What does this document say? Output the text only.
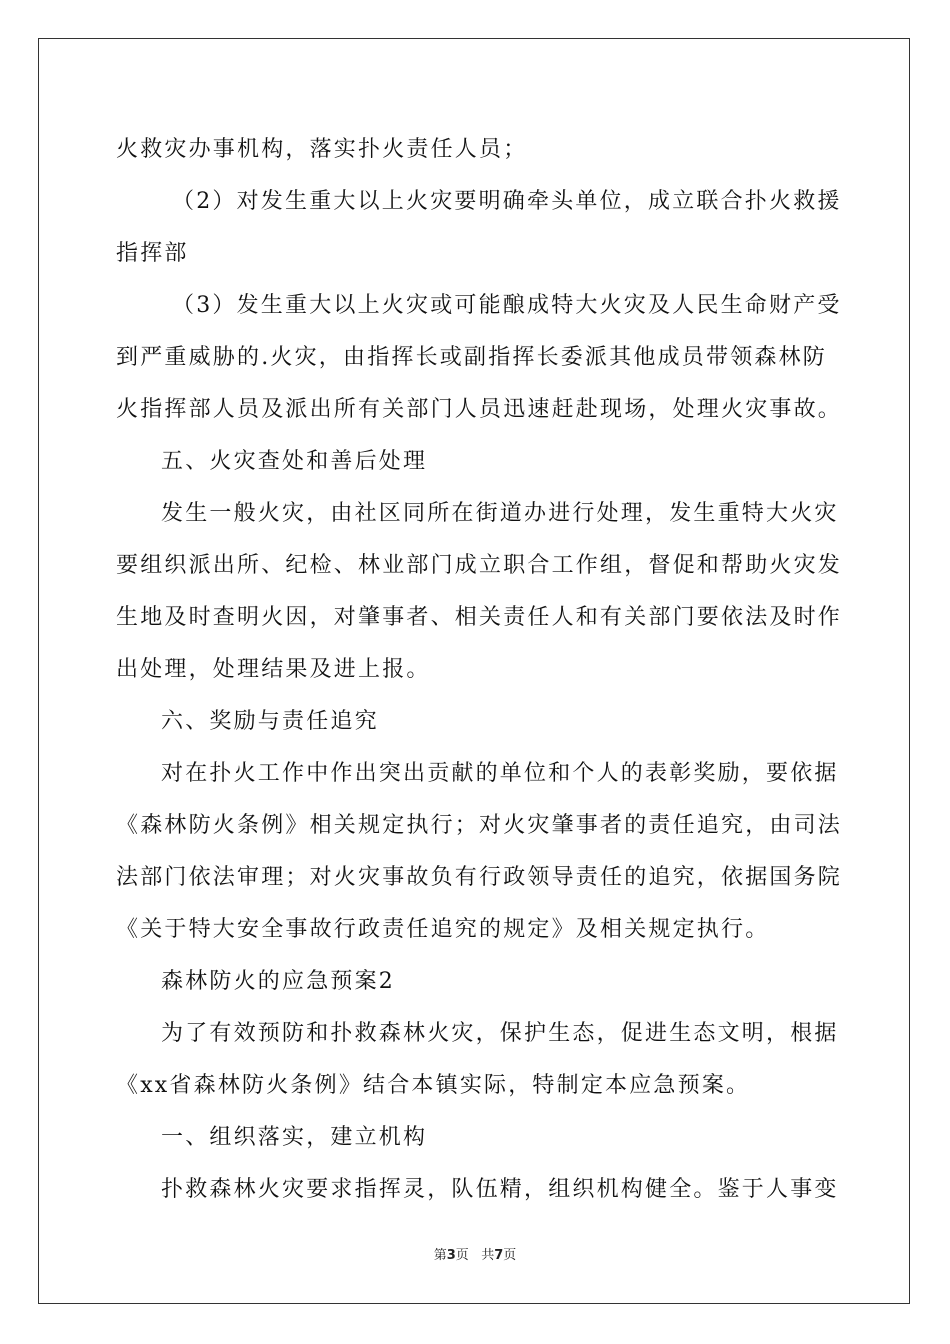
火救灾办事机构，落实扑火责任人员；
（2）对发生重大以上火灾要明确牵头单位，成立联合扑火救援
指挥部
（3）发生重大以上火灾或可能酿成特大火灾及人民生命财产受
到严重威胁的.火灾，由指挥长或副指挥长委派其他成员带领森林防
火指挥部人员及派出所有关部门人员迅速赶赴现场，处理火灾事故。
五、火灾查处和善后处理
发生一般火灾，由社区同所在街道办进行处理，发生重特大火灾
要组织派出所、纪检、林业部门成立职合工作组，督促和帮助火灾发
生地及时查明火因，对肇事者、相关责任人和有关部门要依法及时作
出处理，处理结果及进上报。
六、奖励与责任追究
对在扑火工作中作出突出贡献的单位和个人的表彰奖励，要依据
《森林防火条例》相关规定执行；对火灾肇事者的责任追究，由司法
法部门依法审理；对火灾事故负有行政领导责任的追究，依据国务院
《关于特大安全事故行政责任追究的规定》及相关规定执行。
森林防火的应急预案2
为了有效预防和扑救森林火灾，保护生态，促进生态文明，根据
《xx省森林防火条例》结合本镇实际，特制定本应急预案。
一、组织落实，建立机构
扑救森林火灾要求指挥灵，队伍精，组织机构健全。鉴于人事变
第3页   共7页
